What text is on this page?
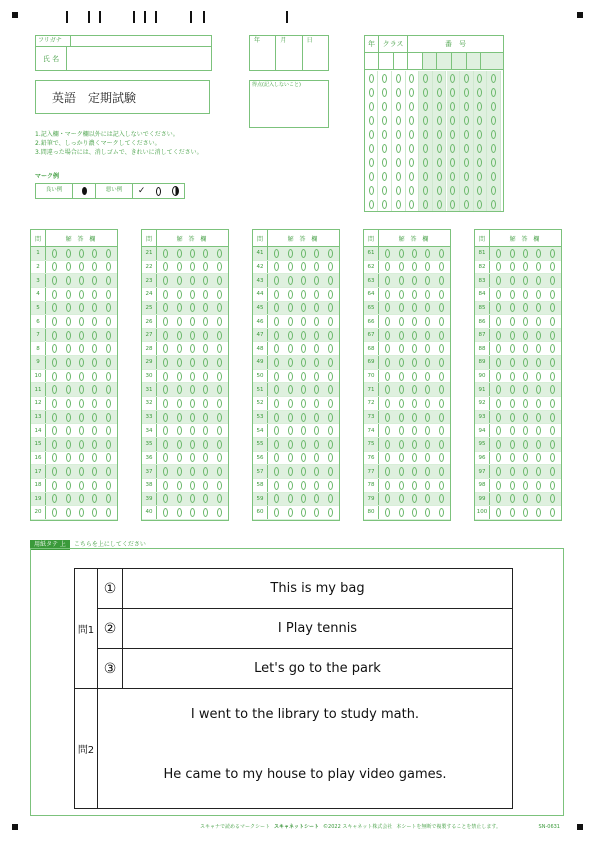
フリガナ
氏 名
英語　定期試験
年	月	日
得点(記入しないこと)
1.記入欄・マーク欄以外には記入しないでください。
2.鉛筆で、しっかり濃くマークしてください。
3.間違った場合には、消しゴムで、きれいに消してください。
マーク例
良い例	悪い例	✓
年	クラス	番　号
問	解 答 欄
1
2
3
4
5
6
7
8
9
10
11
12
13
14
15
16
17
18
19
20
問	解 答 欄
21
22
23
24
25
26
27
28
29
30
31
32
33
34
35
36
37
38
39
40
問	解 答 欄
41
42
43
44
45
46
47
48
49
50
51
52
53
54
55
56
57
58
59
60
問	解 答 欄
61
62
63
64
65
66
67
68
69
70
71
72
73
74
75
76
77
78
79
80
問	解 答 欄
81
82
83
84
85
86
87
88
89
90
91
92
93
94
95
96
97
98
99
100
用紙タテ 上	こちらを上にしてください
問1	①	This is my bag
	②	I Play tennis
	③	Let's go to the park
問2	I went to the library to study math.
He came to my house to play video games.	
スキャナで読めるマークシート スキャネットシート ©2022 スキャネット株式会社 本シートを無断で複製することを禁止します。	SN-0631
